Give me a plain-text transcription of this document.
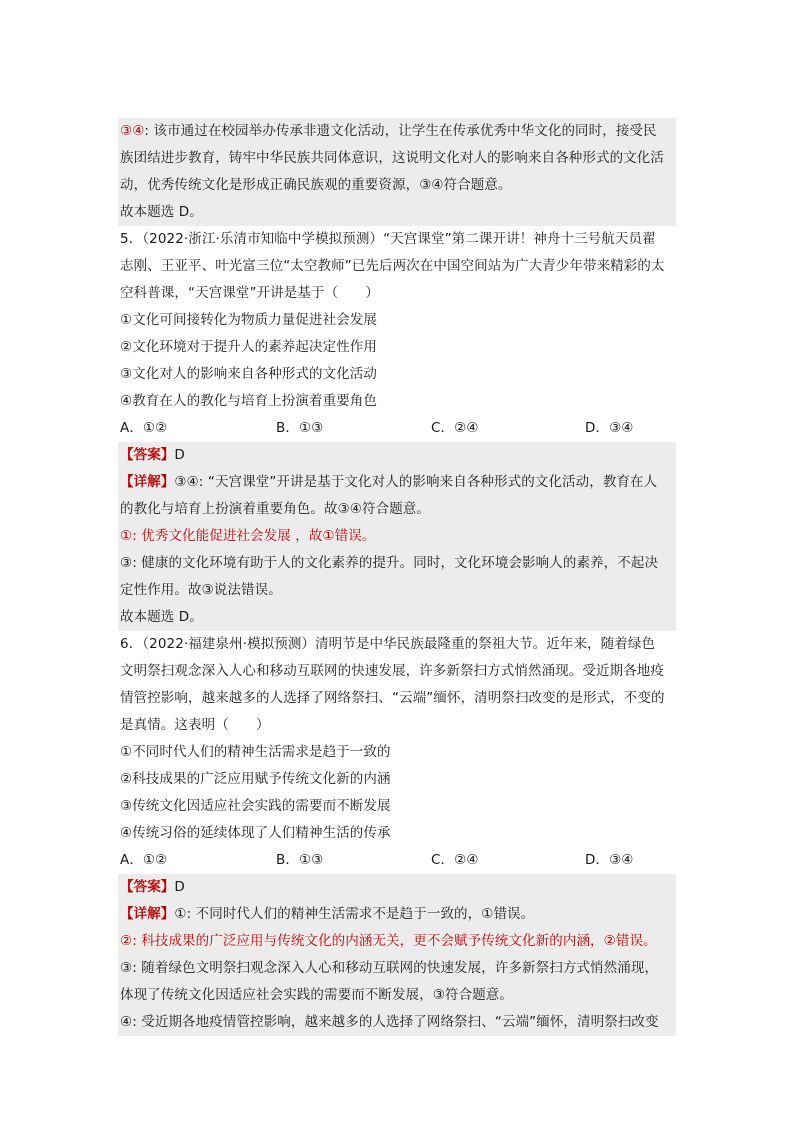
③④: 该市通过在校园举办传承非遗文化活动，让学生在传承优秀中华文化的同时，接受民
族团结进步教育，铸牢中华民族共同体意识，这说明文化对人的影响来自各种形式的文化活
动，优秀传统文化是形成正确民族观的重要资源，③④符合题意。
故本题选 D。
5．（2022·浙江·乐清市知临中学模拟预测）“天宫课堂”第二课开讲！神舟十三号航天员翟
志刚、王亚平、叶光富三位“太空教师”已先后两次在中国空间站为广大青少年带来精彩的太
空科普课，“天宫课堂”开讲是基于（　　）
①文化可间接转化为物质力量促进社会发展
②文化环境对于提升人的素养起决定性作用
③文化对人的影响来自各种形式的文化活动
④教育在人的教化与培育上扮演着重要角色
A．①②	B．①③	C．②④	D．③④
【答案】D
【详解】③④: “天宫课堂”开讲是基于文化对人的影响来自各种形式的文化活动，教育在人
的教化与培育上扮演着重要角色。故③④符合题意。
①: 优秀文化能促进社会发展 ，故①错误。
③: 健康的文化环境有助于人的文化素养的提升。同时，文化环境会影响人的素养，不起决
定性作用。故③说法错误。
故本题选 D。
6．（2022·福建泉州·模拟预测）清明节是中华民族最隆重的祭祖大节。近年来，随着绿色
文明祭扫观念深入人心和移动互联网的快速发展，许多新祭扫方式悄然涌现。受近期各地疫
情管控影响，越来越多的人选择了网络祭扫、“云端”缅怀，清明祭扫改变的是形式，不变的
是真情。这表明（　　）
①不同时代人们的精神生活需求是趋于一致的
②科技成果的广泛应用赋予传统文化新的内涵
③传统文化因适应社会实践的需要而不断发展
④传统习俗的延续体现了人们精神生活的传承
A．①②	B．①③	C．②④	D．③④
【答案】D
【详解】①: 不同时代人们的精神生活需求不是趋于一致的，①错误。
②: 科技成果的广泛应用与传统文化的内涵无关，更不会赋予传统文化新的内涵，②错误。
③: 随着绿色文明祭扫观念深入人心和移动互联网的快速发展，许多新祭扫方式悄然涌现，
体现了传统文化因适应社会实践的需要而不断发展，③符合题意。
④: 受近期各地疫情管控影响，越来越多的人选择了网络祭扫、“云端”缅怀，清明祭扫改变
